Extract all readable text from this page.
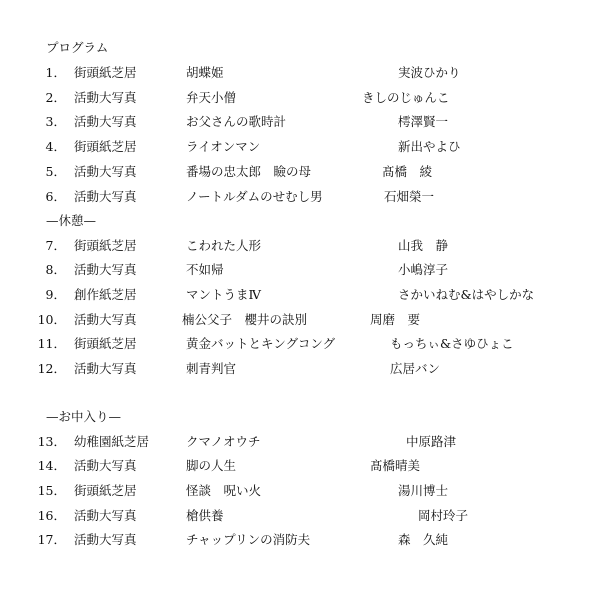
プログラム
1． 街頭紙芝居	胡蝶姫	実波ひかり
2． 活動大写真	弁天小僧	きしのじゅんこ
3． 活動大写真	お父さんの歌時計	樗澤賢一
4． 街頭紙芝居	ライオンマン	新出やよひ
5． 活動大写真	番場の忠太郎　瞼の母	髙橋　綾
6． 活動大写真	ノートルダムのせむし男	石畑榮一
—休憩—
7． 街頭紙芝居	こわれた人形	山我　静
8． 活動大写真	不如帰	小嶋淳子
9． 創作紙芝居	マントうまⅣ	さかいねむ&はやしかな
10． 活動大写真	楠公父子　櫻井の訣別	周磨　要
11． 街頭紙芝居	黄金バットとキングコング	もっちぃ&さゆひょこ
12． 活動大写真	刺青判官	広居バン
—お中入り—
13． 幼稚園紙芝居	クマノオウチ	中原路津
14． 活動大写真	脚の人生	髙橋晴美
15． 街頭紙芝居	怪談　呪い火	湯川博士
16． 活動大写真	槍供養	岡村玲子
17． 活動大写真	チャップリンの消防夫	森　久純
